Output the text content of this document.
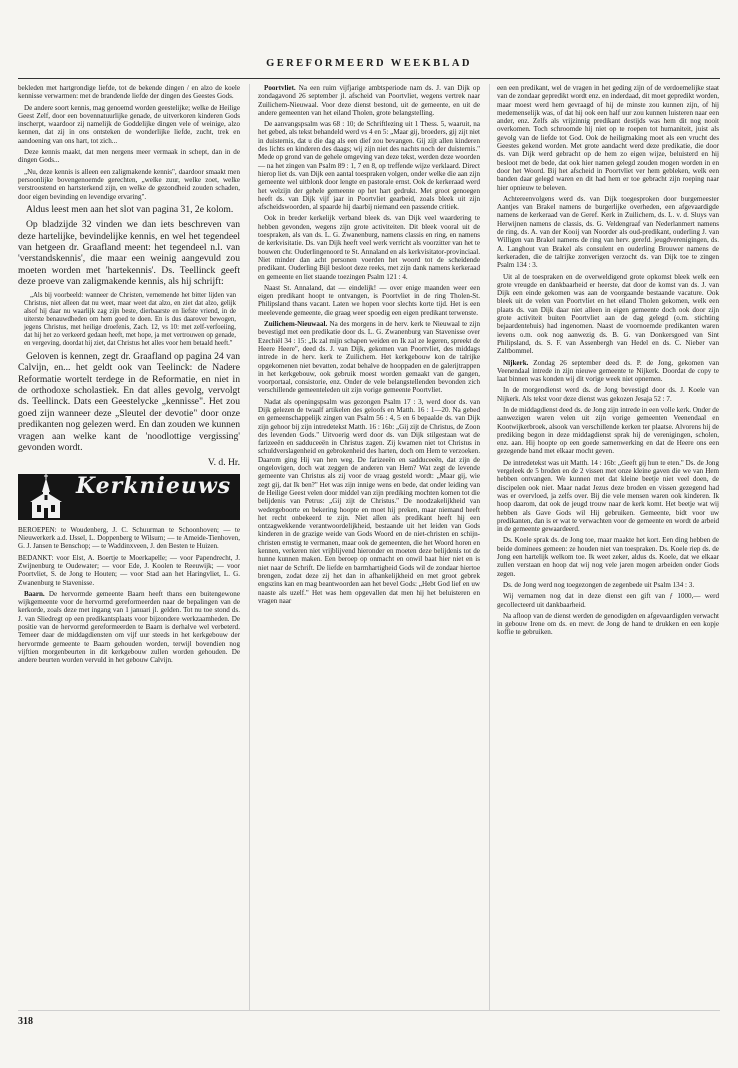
GEREFORMEERD WEEKBLAD

bekleden met hartgrondige liefde, tot de bekende dingen / en alzo de koele kennisse verwarmen: met de brandende liefde der dingen des Geestes Gods.

De andere soort kennis, mag genoemd worden geestelijke; welke de Heilige Geest Zelf, door een bovennatuurlijke genade, de uitverkoren kinderen Gods inscherpt, waardoor zij namelijk de Goddelijke dingen vele of weinige, alzo kennen, dat zij in ons ontsteken de wonderlijke liefde, zucht, trek en aandoening van ons hart, tot zich...

Deze kennis maakt, dat men nergens meer vermaak in schept, dan in de dingen Gods...

„Nu, deze kennis is alleen een zaligmakende kennis", daardoor smaakt men persoonlijke bovengenoemde gerechten, „welke zuur, welke zoet, welke verstroostend en hartsterkend zijn, en welke de gezondheid zouden schaden, door eigen bevinding en levendige ervaring".

Aldus leest men aan het slot van pagina 31, 2e kolom.

Op bladzijde 32 vinden we dan iets beschreven van deze hartelijke, bevindelijke kennis, en wel het tegendeel van hetgeen dr. Graafland meent: het tegendeel n.l. van 'verstandskennis', die maar een weinig aangevuld zou moeten worden met 'hartekennis'. Ds. Teellinck geeft deze proeve van zaligmakende kennis, als hij schrijft:

„Als bij voorbeeld: wanneer de Christen, vernemende het bitter lijden van Christus, niet alleen dat nu weet, maar weet dat alzo, en ziet dat alzo, gelijk alsof hij daar nu waarlijk zag zijn beste, dierbaarste en liefste vriend, in de uiterste benauwdheden om hem goed te doen. En is dus daarover bewogen, jegens Christus, met heilige droefenis, Zach. 12, vs 10: met zelf-verfoeiing, dat hij het zo verkeerd gedaan heeft, met hope, ja met vertrouwen op genade, en vergeving, doordat hij ziet, dat Christus het alles voor hem betaald heeft."

Geloven is kennen, zegt dr. Graafland op pagina 24 van Calvijn, en... het geldt ook van Teelinck: de Nadere Reformatie wortelt terdege in de Reformatie, en niet in de orthodoxe scholastiek. En dat alles gevolg, vervolgt ds. Teellinck. Dats een Geestelycke „kennisse". Het zou goed zijn wanneer deze „Sleutel der devotie" door onze predikanten nog gelezen werd. En dan zouden we kunnen vragen aan welke kant de 'noodlottige vergissing' gevonden wordt.

V. d. Hr.

Kerknieuws

BEROEPEN: te Woudenberg, J. C. Schuurman te Schoonhoven; — te Nieuwerkerk a.d. IJssel, L. Doppenberg te Wilsum; — te Ameide-Tienhoven, G. J. Jansen te Benschop; — te Waddinxveen, J. den Besten te Huizen.

BEDANKT: voor Elst, A. Boertje te Moerkapelle; — voor Papendrecht, J. Zwijnenburg te Oudewater; — voor Ede, J. Koolen te Reeuwijk; — voor Poortvliet, S. de Jong te Houten; — voor Stad aan het Haringvliet, L. G. Zwanenburg te Stavenisse.

Baarn. De hervormde gemeente Baarn heeft thans een buitengewone wijkgemeente voor de hervormd gereformeerden naar de bepalingen van de kerkorde, zoals deze met ingang van 1 januari jl. gelden. Tot nu toe stond ds. J. van Sliedregt op een predikantsplaats voor bijzondere werkzaamheden. De positie van de hervormd gereformeerden te Baarn is derhalve wel verbeterd. Temeer daar de middagdiensten om vijf uur steeds in het kerkgebouw der hervormde gemeente te Baarn gehouden worden, terwijl bovendien nog vijftien morgenbeurten in dit kerkgebouw zullen worden gehouden. De andere beurten worden vervuld in het gebouw Calvijn.

Poortvliet. Na een ruim vijfjarige ambtsperiode nam ds. J. van Dijk op zondagavond 26 september jl. afscheid van Poortvliet, wegens vertrek naar Zuilichem-Nieuwaal. Voor deze dienst bestond, uit de gemeente, en uit de andere gemeenten van het eiland Tholen, grote belangstelling.

De aanvangspsalm was 68 : 10; de Schriftlezing uit 1 Thess. 5, waaruit, na het gebed, als tekst behandeld werd vs 4 en 5: „Maar gij, broeders, gij zijt niet in duisternis, dat u die dag als een dief zou bevangen. Gij zijt allen kinderen des lichts en kinderen des daags; wij zijn niet des nachts noch der duisternis." Mede op grond van de gehele omgeving van deze tekst, werden deze woorden — na het zingen van Psalm 89 : 1, 7 en 8, op treffende wijze verklaard. Direct hierop liet ds. van Dijk een aantal toespraken volgen, onder welke die aan zijn gemeente wel uitblonk door lengte en pastorale ernst. Ook de kerkeraad werd het welzijn der gehele gemeente op het hart gedrukt. Met groot genoegen heeft ds. van Dijk vijf jaar in Poortvliet gearbeid, zoals bleek uit zijn afscheidswoorden, al spaarde hij daarbij niemand een passende critiek.

Ook in breder kerkelijk verband bleek ds. van Dijk veel waardering te hebben gevonden, wegens zijn grote activiteiten. Dit bleek vooral uit de toespraken, als van ds. L. G. Zwanenburg, namens classis en ring, en namens de kerkvisitatie. Ds. van Dijk heeft veel werk verricht als voorzitter van het te bouwen chr. Ouderlingenoord te St. Annaland en als kerkvisitator-provinciaal. Niet minder dan acht personen voerden het woord tot de scheidende predikant. Ouderling Bijl besloot deze reeks, met zijn dank namens kerkeraad en gemeente en liet staande toezingen Psalm 121 : 4.

Naast St. Annaland, dat — eindelijk! — over enige maanden weer een eigen predikant hoopt te ontvangen, is Poortvliet in de ring Tholen-St. Philipsland thans vacant. Laten we hopen voor slechts korte tijd. Het is een meelevende gemeente, die graag weer spoedig een eigen predikant terwenste.

Zuilichem-Nieuwaal. Na des morgens in de herv. kerk te Nieuwaal te zijn bevestigd met een predikatie door ds. L. G. Zwanenburg van Stavenisse over Ezechiël 34 : 15: „Ik zal mijn schapen weiden en Ik zal ze legeren, spreekt de Heere Heere", deed ds. J. van Dijk, gekomen van Poortvliet, des middags intrede in de herv. kerk te Zuilichem. Het kerkgebouw kon de talrijke opgekomenen niet bevatten, zodat behalve de hooppaden en de galerijtrappen in het kerkgebouw, ook gebruik moest worden gemaakt van de gangen, voorportaal, consistorie, enz. Onder de vele belangstellenden bevonden zich verschillende gemeenteleden uit zijn vorige gemeente Poortvliet.

Nadat als openingspsalm was gezongen Psalm 17 : 3, werd door ds. van Dijk gelezen de twaalf artikelen des geloofs en Matth. 16 : 1—20. Na gebed en gemeenschappelijk zingen van Psalm 56 : 4, 5 en 6 bepaalde ds. van Dijk zijn gehoor bij zijn intredetekst Matth. 16 : 16b: „Gij zijt de Christus, de Zoon des levenden Gods." Uitvoerig werd door ds. van Dijk stilgestaan wat de farizeeën en sadduceeën in Christus zagen. Zij kwamen niet tot Christus in schuldverslagenheid en gebrokenheid des harten, doch om Hem te verzoeken. Daarom ging Hij van hen weg. De farizeeën en sadduceeën, dat zijn de ongelovigen, doch wat zeggen de anderen van Hem? Wat zegt de levende gemeente van Christus als zij voor de vraag gesteld wordt: „Maar gij, wie zegt gij, dat Ik ben?" Het was zijn innige wens en bede, dat onder leiding van de Heilige Geest velen door middel van zijn prediking mochten komen tot die belijdenis van Petrus: „Gij zijt de Christus." De noodzakelijkheid van wedergeboorte en bekering hoopte en moet hij preken, maar niemand heeft het recht onbekeerd te zijn. Niet allen als predikant heeft hij een ontzagwekkende verantwoordelijkheid, bestaande uit het leiden van Gods kinderen in de grazige weide van Gods Woord en de niet-christen en schijn-christen ernstig te vermanen, maar ook de gemeenten, die het Woord horen en kennen, verkeren niet vrijblijvend hieronder en moeten deze belijdenis tot de hunne kunnen maken. Een beroep op onmacht en onwil baat hier niet en is niet naar de Schrift. De liefde en barmhartigheid Gods wil de zondaar hiertoe brengen, zodat deze zij het dan in afhankelijkheid en met groot gebrek engszins kan en mag beantwoorden aan het bevel Gods: „Hebt God lief en uw naaste als uzelf." Het was hem opgevallen dat men hij het beluisteren en vragen naar

een een predikant, wel de vragen in het geding zijn of de verdoemelijke staat van de zondaar gepredikt wordt enz. en inderdaad, dit moet gepredikt worden, maar moest werd hem gevraagd of hij de minste zou kunnen zijn, of hij medemenselijk was, of dat hij ook een half uur zou kunnen luisteren naar een ander, enz. Zelfs als vrijzinnig predikant destijds was hem dit nog nooit overkomen. Toch schroomde hij niet op te roepen tot humaniteit, juist als gevolg van de liefde tot God. Ook de heiligmaking moet als een vrucht des Geestes gekend worden. Met grote aandacht werd deze predikatie, die door ds. van Dijk werd gebracht op de hem zo eigen wijze, beluisterd en hij besloot met de bede, dat ook hier namen gelegd zouden mogen worden in en door het Woord. Bij het afscheid in Poortvliet ver hem gebleken, welk een banden daar gelegd waren en dit had hem er toe gebracht zijn roeping naar hier opnieuw te beleven.

Achtereenvolgens werd ds. van Dijk toegesproken door burgemeester Aantjes van Brakel namens de burgerlijke overheden, een afgevaardigde namens de kerkeraad van de Geref. Kerk in Zuilichem, ds. L. v. d. Sluys van Herwijnen namens de classis, ds. G. Veldengraaf van Nederlanmert namens de ring, ds. A. van der Kooij van Noorder als oud-predikant, ouderling J. van Willigen van Brakel namens de ring van herv. gerefd. jeugdverenigingen, ds. A. Langhout van Brakel als consulent en ouderling Brouwer namens de kerkeraden, die de talrijke zonverigen verzocht ds. van Dijk toe te zingen Psalm 134 : 3.

Uit al de toespraken en de overweldigend grote opkomst bleek welk een grote vreugde en dankbaarheid er heerste, dat door de komst van ds. J. van Dijk een einde gekomen was aan de voorgaande bestaande vacature. Ook bleek uit de velen van Poortvliet en het eiland Tholen gekomen, welk een plaats ds. van Dijk daar niet alleen in eigen gemeente doch ook door zijn grote activiteit buiten Poortvliet aan de dag gelegd (o.m. stichting bejaardentehuis) had ingenomen. Naast de voornoemde predikanten waren ievens o.m. ook nog aanwezig ds. B. G. van Donkersgoed van Sint Philipsland, ds. S. F. van Assenbergh van Hedel en ds. C. Nieber van Zaltbommel.

Nijkerk. Zondag 26 september deed ds. P. de Jong, gekomen van Veenendaal intrede in zijn nieuwe gemeente te Nijkerk. Doordat de copy te laat binnen was konden wij dit vorige week niet opnemen.

In de morgendienst werd ds. de Jong bevestigd door ds. J. Koele van Nijkerk. Als tekst voor deze dienst was gekozen Jesaja 52 : 7.

In de middagdienst deed ds. de Jong zijn intrede in een volle kerk. Onder de aanwezigen waren velen uit zijn vorige gemeenten Veenendaal en Kootwijkerbroek, alsook van verschillende kerken ter plaatse. Alvorens hij de prediking begon in deze middagdienst sprak hij de verenigingen, scholen, enz. aan. Hij hoopte op een goede samenwerking en dat de Heere ons een gezegende band met elkaar mocht geven.

De intredetekst was uit Matth. 14 : 16b: „Geeft gij hun te eten." Ds. de Jong vergeleek de 5 broden en de 2 vissen met onze kleine gaven die we van Hem hebben ontvangen. We kunnen met dat kleine beetje niet veel doen, de discipelen ook niet. Maar nadat Jezus deze broden en vissen gezegend had was er overvloed, ja zelfs over. Bij die vele mensen waren ook kinderen. Ik hoop daarom, dat ook de jeugd trouw naar de kerk komt. Het beetje wat wij hebben als Gave Gods wil Hij gebruiken. Gemeente, bidt voor uw predikanten, dan is er wat te verwachten voor de gemeente en wordt de arbeid in de gemeente gewaardeerd.

Ds. Koele sprak ds. de Jong toe, maar maakte het kort. Een ding hebben de beide dominees gemeen: ze houden niet van toespraken. Ds. Koele riep ds. de Jong een hartelijk welkom toe. Ik weet zeker, aldus ds. Koele, dat we elkaar zullen verstaan en hoop dat wij nog vele jaren mogen arbeiden onder Gods zegen.

Ds. de Jong werd nog toegezongen de zegenbede uit Psalm 134 : 3.

Wij vernamen nog dat in deze dienst een gift van ƒ 1000,— werd gecollecteerd uit dankbaarheid.

Na afloop van de dienst werden de genodigden en afgevaardigden verwacht in gebouw Irene om ds. en mevr. de Jong de hand te drukken en een kopje koffie te gebruiken.

318
